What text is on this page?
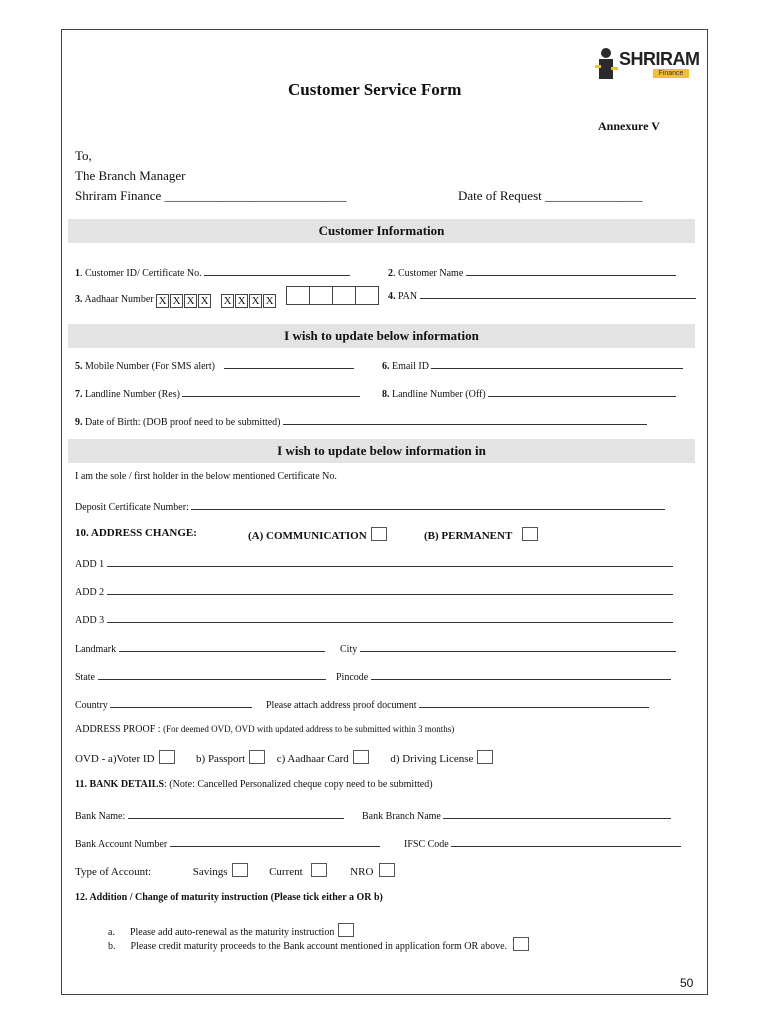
SHRIRAM
Finance
Customer Service Form
Annexure V
To,
The Branch Manager
Shriram Finance ____________________________	Date of Request _______________
Customer Information
1. Customer ID/ Certificate No.	2. Customer Name
3. Aadhaar Number X X X X X X X X	4. PAN
I wish to update below information
5. Mobile Number (For SMS alert)	6. Email ID
7. Landline Number (Res)	8. Landline Number (Off)
9. Date of Birth: (DOB proof need to be submitted)
I wish to update below information in
I am the sole / first holder in the below mentioned Certificate No.
Deposit Certificate Number:
10. ADDRESS CHANGE:	(A) COMMUNICATION	(B) PERMANENT
ADD 1
ADD 2
ADD 3
Landmark	City
State	Pincode
Country	Please attach address proof document
ADDRESS PROOF : (For deemed OVD, OVD with updated address to be submitted within 3 months)
OVD - a)Voter ID	b) Passport	c) Aadhaar Card	d) Driving License
11. BANK DETAILS: (Note: Cancelled Personalized cheque copy need to be submitted)
Bank Name:	Bank Branch Name
Bank Account Number	IFSC Code
Type of Account:	Savings	Current	NRO
12. Addition / Change of maturity instruction (Please tick either a OR b)
a. Please add auto-renewal as the maturity instruction
b. Please credit maturity proceeds to the Bank account mentioned in application form OR above.
50
